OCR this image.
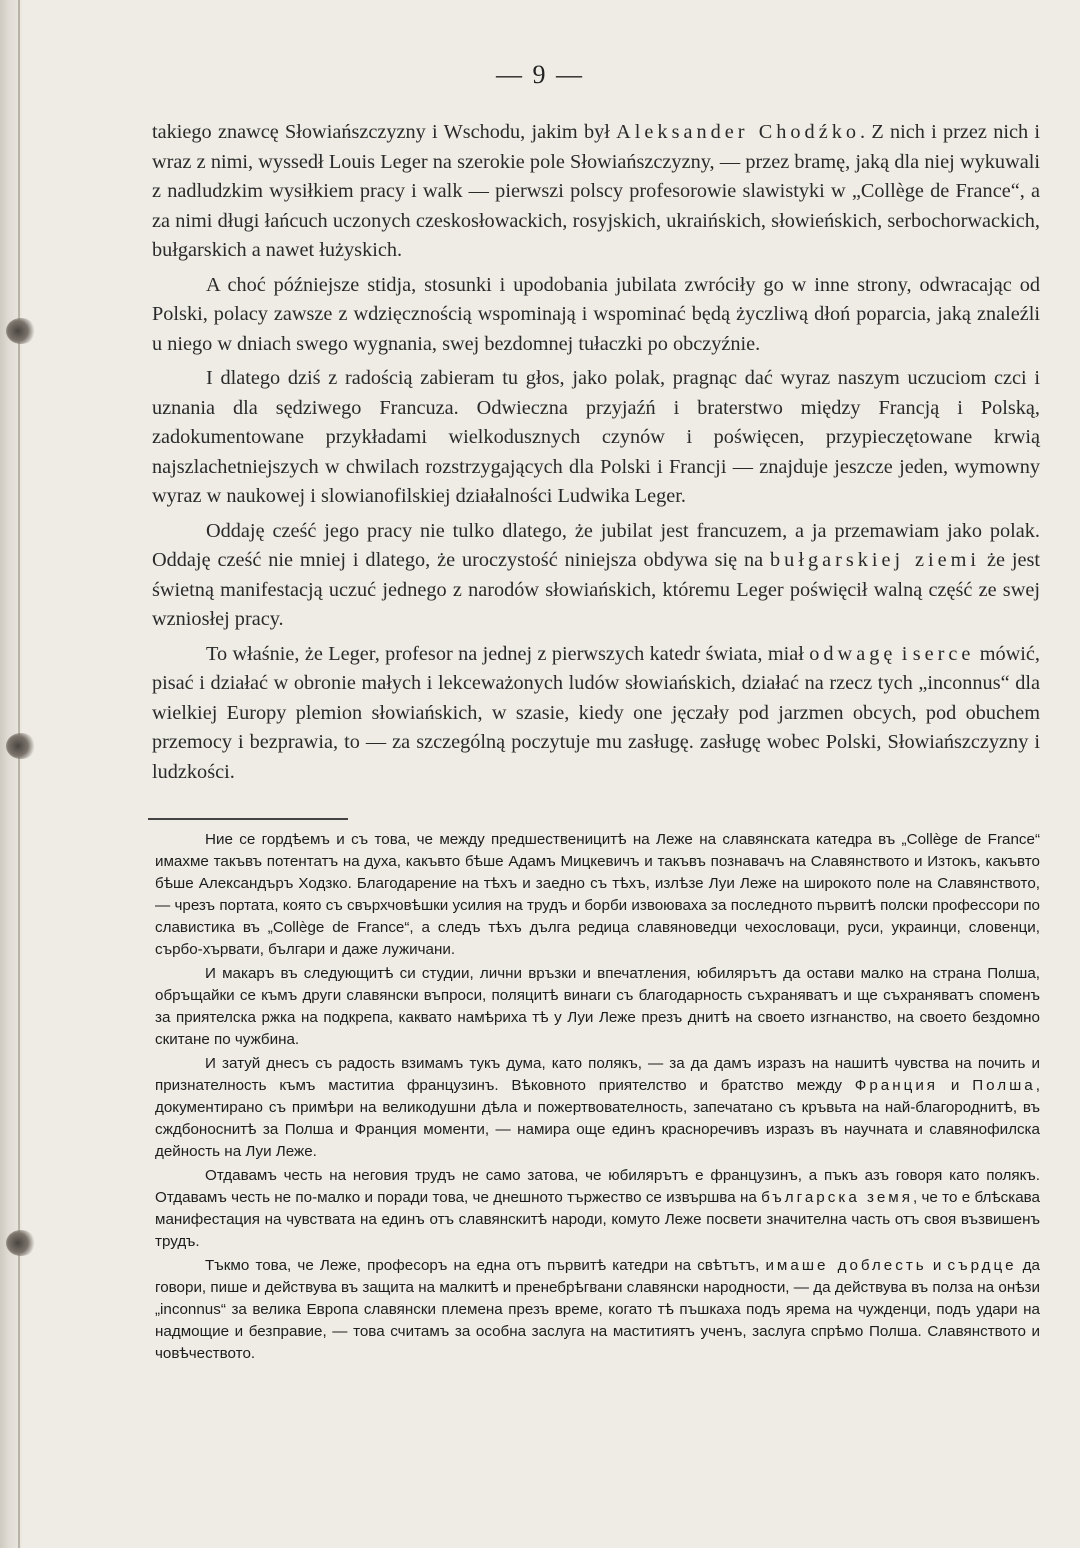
— 9 —

takiego znawcę Słowiańszczyzny i Wschodu, jakim był Aleksander Chodźko. Z nich i przez nich i wraz z nimi, wyssedł Louis Leger na szerokie pole Słowiańszczyzny, — przez bramę, jaką dla niej wykuwali z nadludzkim wysiłkiem pracy i walk — pierwszi polscy profesorowie slawistyki w „Collège de France“, a za nimi długi łańcuch uczonych czeskosłowackich, rosyjskich, ukraińskich, słowieńskich, serbochorwackich, bułgarskich a nawet łużyskich.

A choć późniejsze stidja, stosunki i upodobania jubilata zwróciły go w inne strony, odwracając od Polski, polacy zawsze z wdzięcznością wspominają i wspominać będą życzliwą dłoń poparcia, jaką znaleźli u niego w dniach swego wygnania, swej bezdomnej tułaczki po obczyźnie.

I dlatego dziś z radością zabieram tu głos, jako polak, pragnąc dać wyraz naszym uczuciom czci i uznania dla sędziwego Francuza. Odwieczna przyjaźń i braterstwo między Francją i Polską, zadokumentowane przykładami wielkodusznych czynów i poświęcen, przypieczętowane krwią najszlachetniejszych w chwilach rozstrzygających dla Polski i Francji — znajduje jeszcze jeden, wymowny wyraz w naukowej i slowianofilskiej działalności Ludwika Leger.

Oddaję cześć jego pracy nie tulko dlatego, że jubilat jest francuzem, a ja przemawiam jako polak. Oddaję cześć nie mniej i dlatego, że uroczystość niniejsza obdywa się na bułgarskiej ziemi że jest świetną manifestacją uczuć jednego z narodów słowiańskich, któremu Leger poświęcił walną część ze swej wzniosłej pracy.

To właśnie, że Leger, profesor na jednej z pierwszych katedr świata, miał odwagę i serce mówić, pisać i działać w obronie małych i lekceważonych ludów słowiańskich, działać na rzecz tych „inconnus“ dla wielkiej Europy plemion słowiańskich, w szasie, kiedy one jęczały pod jarzmen obcych, pod obuchem przemocy i bezprawia, to — za szczególną poczytuje mu zasługę. zasługę wobec Polski, Słowiańszczyzny i ludzkości.

Ние се гордѣемъ и съ това, че между предшественицитѣ на Леже на славянската катедра въ „Collège de France“ имахме такъвъ потентатъ на духа, какъвто бѣше Адамъ Мицкевичъ и такъвъ познавачъ на Славянството и Изтокъ, какъвто бѣше Александъръ Ходзко. Благодарение на тѣхъ и заедно съ тѣхъ, излѣзе Луи Леже на широкото поле на Славянството, — чрезъ портата, която съ свърхчовѣшки усилия на трудъ и борби извоюваха за последното първитѣ полски профессори по славистика въ „Collège de France“, а следъ тѣхъ дълга редица славяноведци чехословаци, руси, украинци, словенци, сърбо-хървати, българи и даже лужичани.

И макаръ въ следующитѣ си студии, лични връзки и впечатления, юбилярътъ да остави малко на страна Полша, обръщайки се къмъ други славянски въпроси, поляцитѣ винаги съ благодарность съхраняватъ и ще съхраняватъ споменъ за приятелска ржка на подкрепа, каквато намѣриха тѣ у Луи Леже презъ днитѣ на своето изгнанство, на своето бездомно скитане по чужбина.

И затуй днесъ съ радость взимамъ тукъ дума, като полякъ, — за да дамъ изразъ на нашитѣ чувства на почить и признателность къмъ маститиа французинъ. Вѣковното приятелство и братство между Франция и Полша, документирано съ примѣри на великодушни дѣла и пожертвователность, запечатано съ кръвьта на най-благороднитѣ, въ сждбоноснитѣ за Полша и Франция моменти, — намира още единъ красноречивъ изразъ въ научната и славянофилска дейность на Луи Леже.

Отдавамъ честь на неговия трудъ не само затова, че юбилярътъ е французинъ, а пъкъ азъ говоря като полякъ. Отдавамъ честь не по-малко и поради това, че днешното тържество се извършва на българска земя, че то е блѣскава манифестация на чувствата на единъ отъ славянскитѣ народи, комуто Леже посвети значителна часть отъ своя възвишенъ трудъ.

Тъкмо това, че Леже, професоръ на една отъ първитѣ катедри на свѣтътъ, имаше доблесть и сърдце да говори, пише и действува въ защита на малкитѣ и пренебрѣгвани славянски народности, — да действува въ полза на онѣзи „inconnus“ за велика Европа славянски племена презъ време, когато тѣ пъшкаха подъ ярема на чужденци, подъ удари на надмощие и безправие, — това считамъ за особна заслуга на маститиятъ ученъ, заслуга спрѣмо Полша. Славянството и човѣчеството.
